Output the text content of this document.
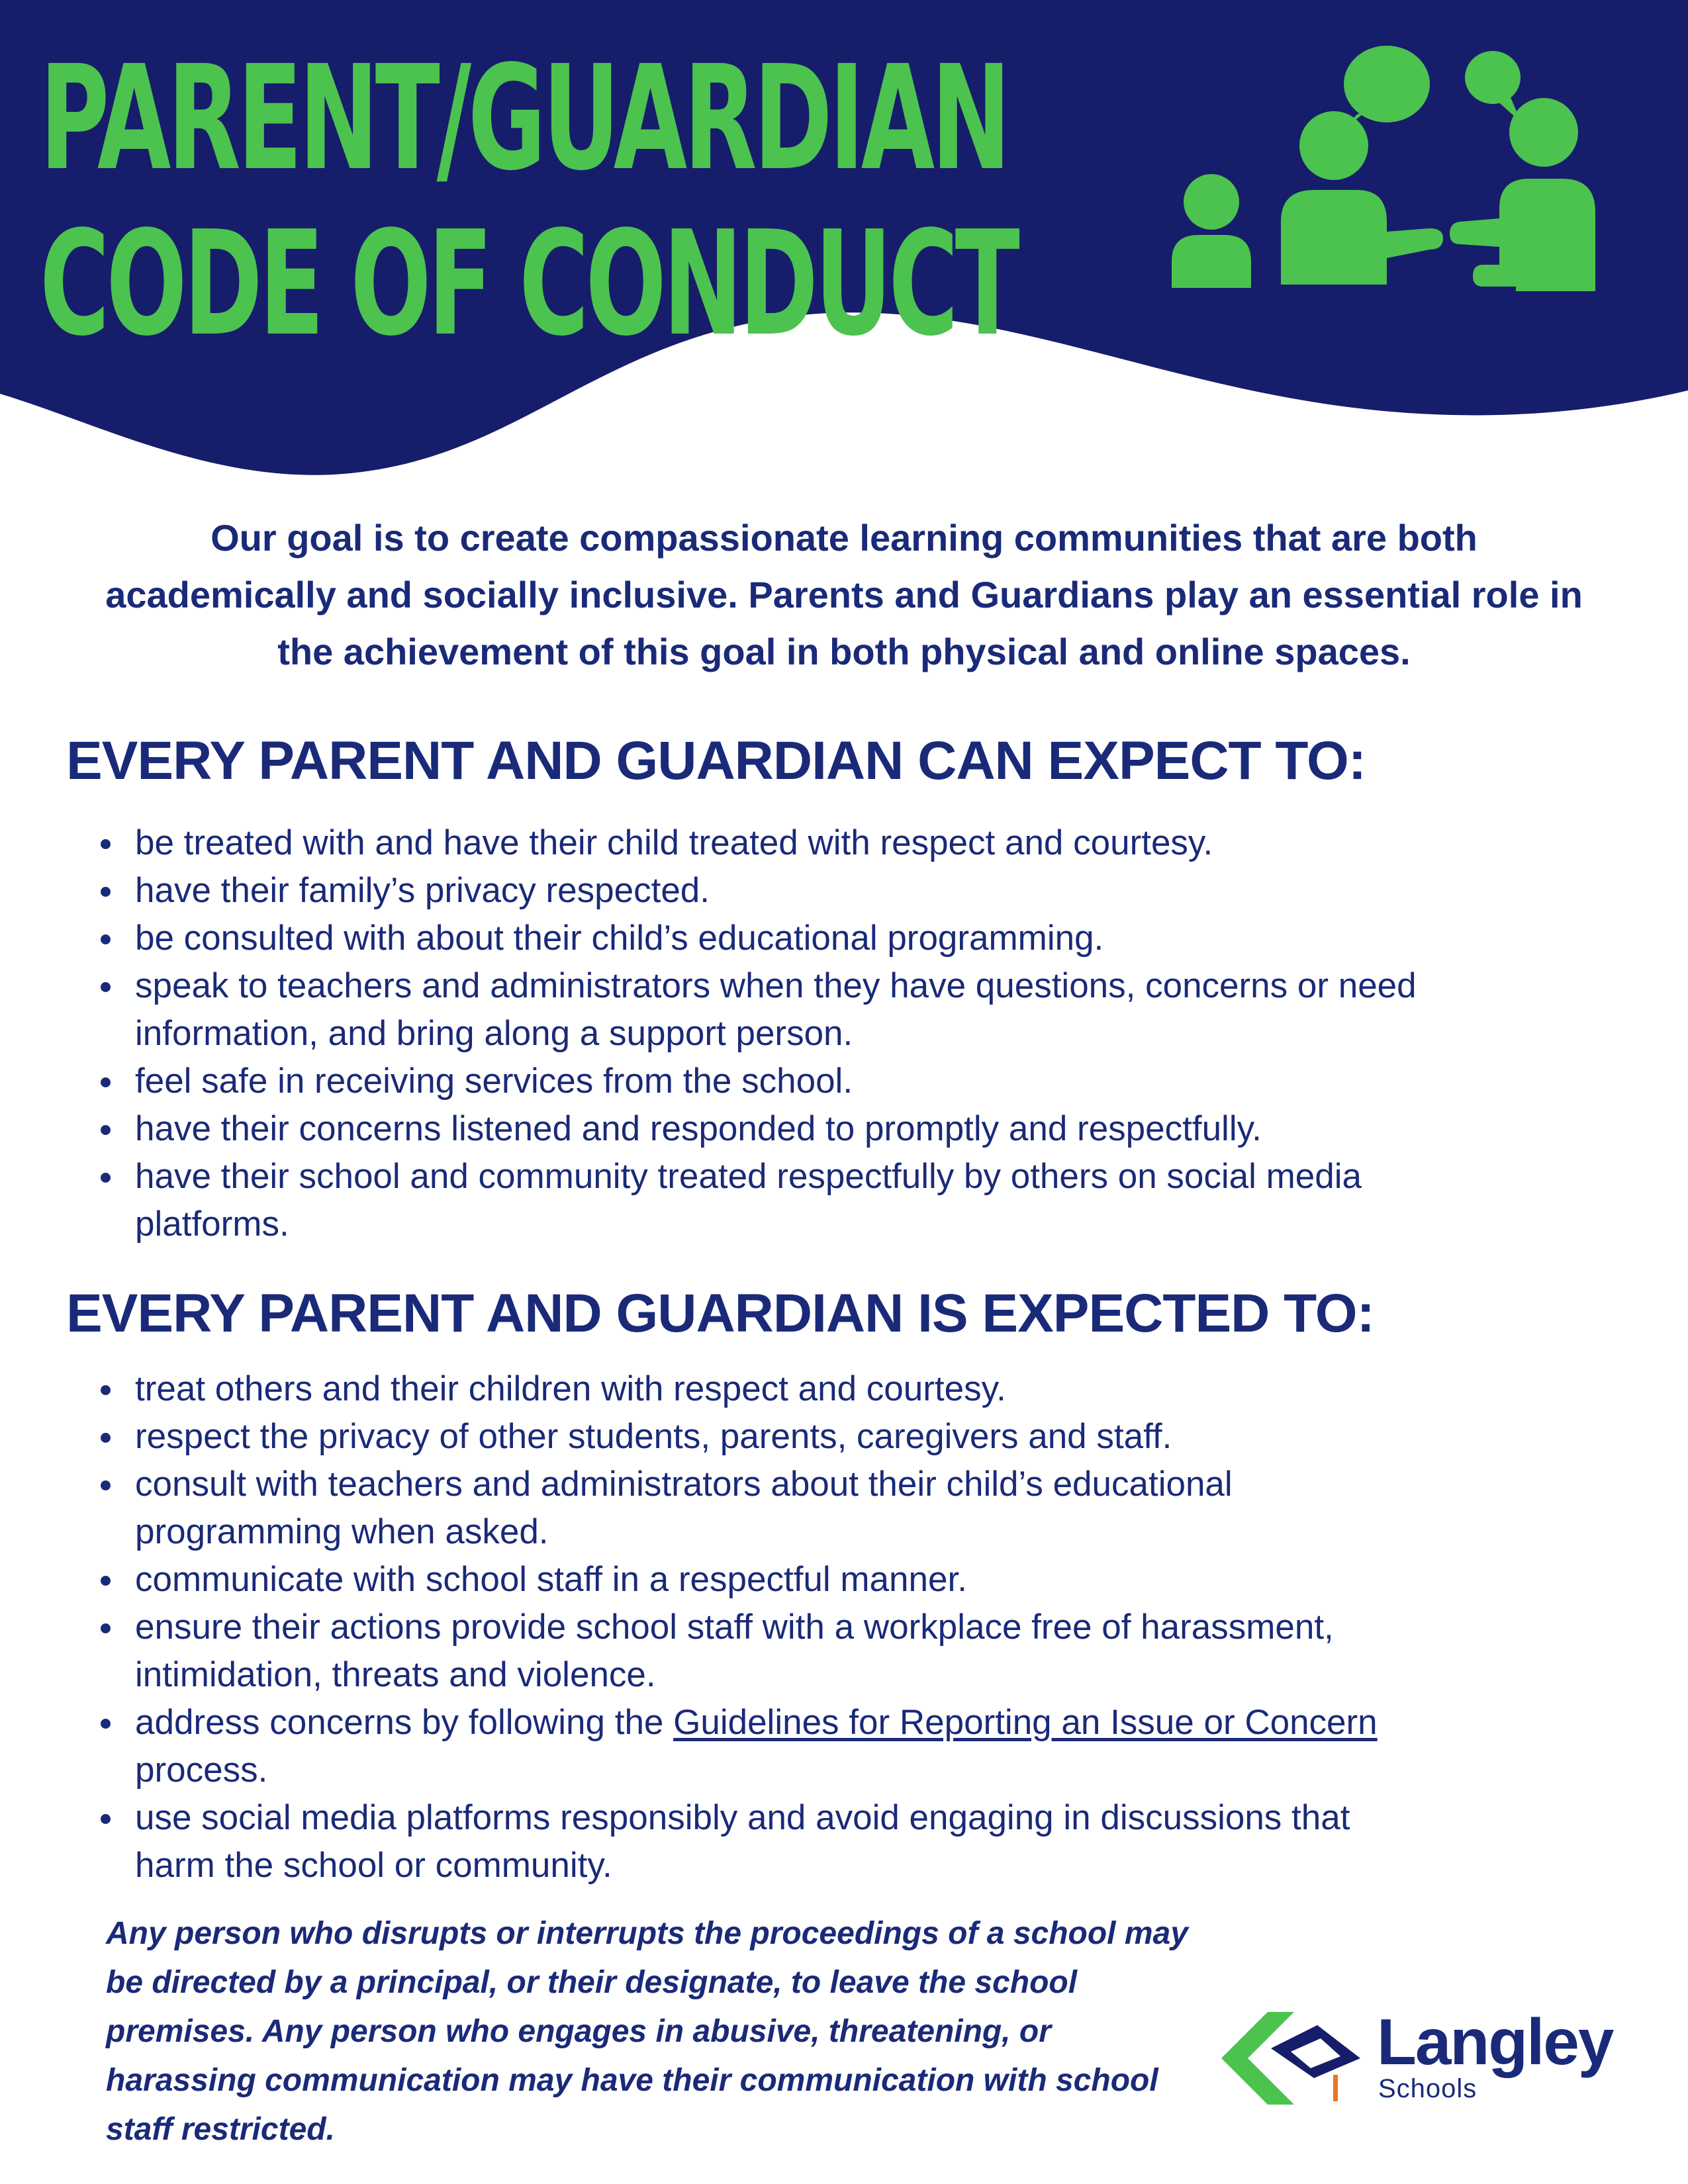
PARENT/GUARDIAN
CODE OF CONDUCT

Our goal is to create compassionate learning communities that are both academically and socially inclusive. Parents and Guardians play an essential role in the achievement of this goal in both physical and online spaces.

EVERY PARENT AND GUARDIAN CAN EXPECT TO:
be treated with and have their child treated with respect and courtesy.
have their family’s privacy respected.
be consulted with about their child’s educational programming.
speak to teachers and administrators when they have questions, concerns or need information, and bring along a support person.
feel safe in receiving services from the school.
have their concerns listened and responded to promptly and respectfully.
have their school and community treated respectfully by others on social media platforms.
EVERY PARENT AND GUARDIAN IS EXPECTED TO:
treat others and their children with respect and courtesy.
respect the privacy of other students, parents, caregivers and staff.
consult with teachers and administrators about their child’s educational programming when asked.
communicate with school staff in a respectful manner.
ensure their actions provide school staff with a workplace free of harassment, intimidation, threats and violence.
address concerns by following the Guidelines for Reporting an Issue or Concern process.
use social media platforms responsibly and avoid engaging in discussions that harm the school or community.

Any person who disrupts or interrupts the proceedings of a school may be directed by a principal, or their designate, to leave the school premises. Any person who engages in abusive, threatening, or harassing communication may have their communication with school staff restricted.

Langley
Schools
